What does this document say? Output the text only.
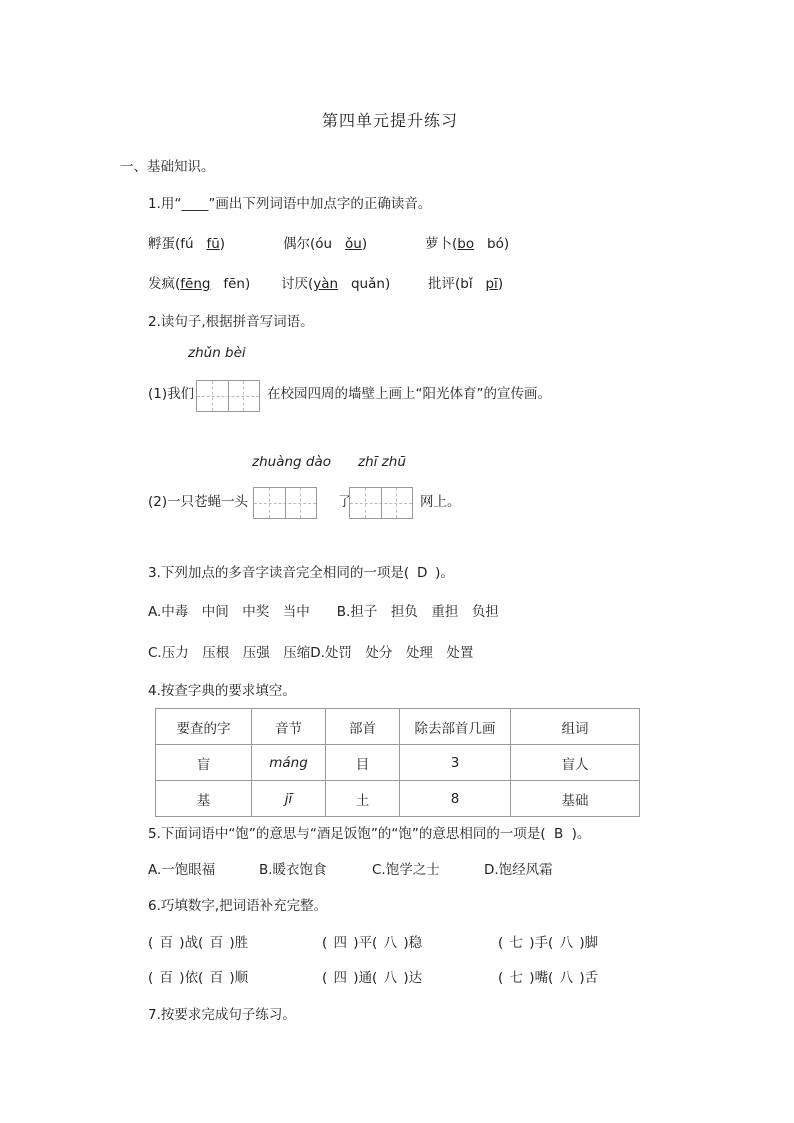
第四单元提升练习
一、基础知识。
1.用“____”画出下列词语中加点字的正确读音。
孵蛋(fú fū)	偶尔(óu ǒu)	萝卜(bo bó)
发疯(fēng fēn) 讨厌(yàn quǎn)	批评(bǐ pī)
2.读句子,根据拼音写词语。
zhǔn bèi
(1)我们	在校园四周的墙壁上画上“阳光体育”的宣传画。
zhuàng dào zhī zhū
(2)一只苍蝇一头	了	网上。
3.下列加点的多音字读音完全相同的一项是( D )。
A.中毒　中间　中奖　当中　　B.担子　担负　重担　负担
C.压力　压根　压强　压缩D.处罚　处分　处理　处置
4.按查字典的要求填空。
要查的字	音节	部首	除去部首几画	组词
盲	máng	目	3	盲人
基	jī	土	8	基础
5.下面词语中“饱”的意思与“酒足饭饱”的“饱”的意思相同的一项是( B )。
A.一饱眼福	B.暖衣饱食	C.饱学之士	D.饱经风霜
6.巧填数字,把词语补充完整。
( 百 )战( 百 )胜	( 四 )平( 八 )稳	( 七 )手( 八 )脚
( 百 )依( 百 )顺	( 四 )通( 八 )达	( 七 )嘴( 八 )舌
7.按要求完成句子练习。
